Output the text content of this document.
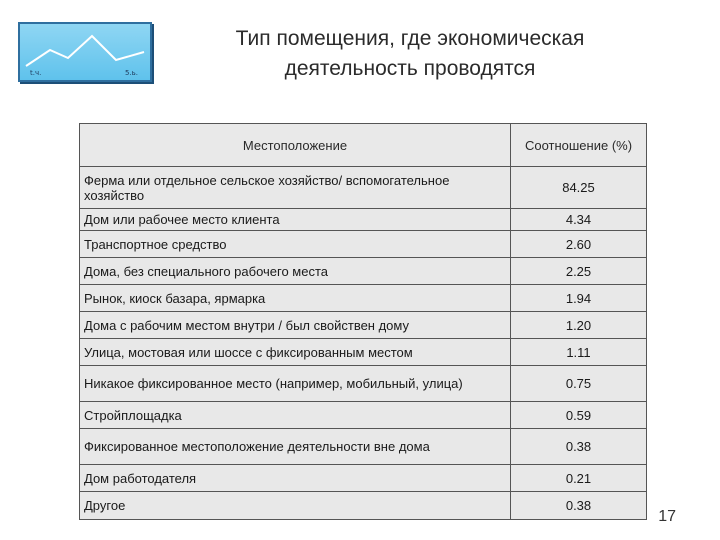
t.ч.	5.ь.
Тип помещения, где экономическая
деятельность проводятся
Местоположение	Соотношение (%)
Ферма или отдельное сельское хозяйство/ вспомогательное хозяйство	84.25
Дом или рабочее место клиента	4.34
Транспортное средство	2.60
Дома, без специального рабочего места	2.25
Рынок, киоск базара, ярмарка	1.94
Дома с рабочим местом внутри / был свойствен дому	1.20
Улица, мостовая или шоссе с фиксированным местом	1.11
Никакое фиксированное место (например, мобильный, улица)	0.75
Стройплощадка	0.59
Фиксированное местоположение деятельности вне дома	0.38
Дом работодателя	0.21
Другое	0.38
17
